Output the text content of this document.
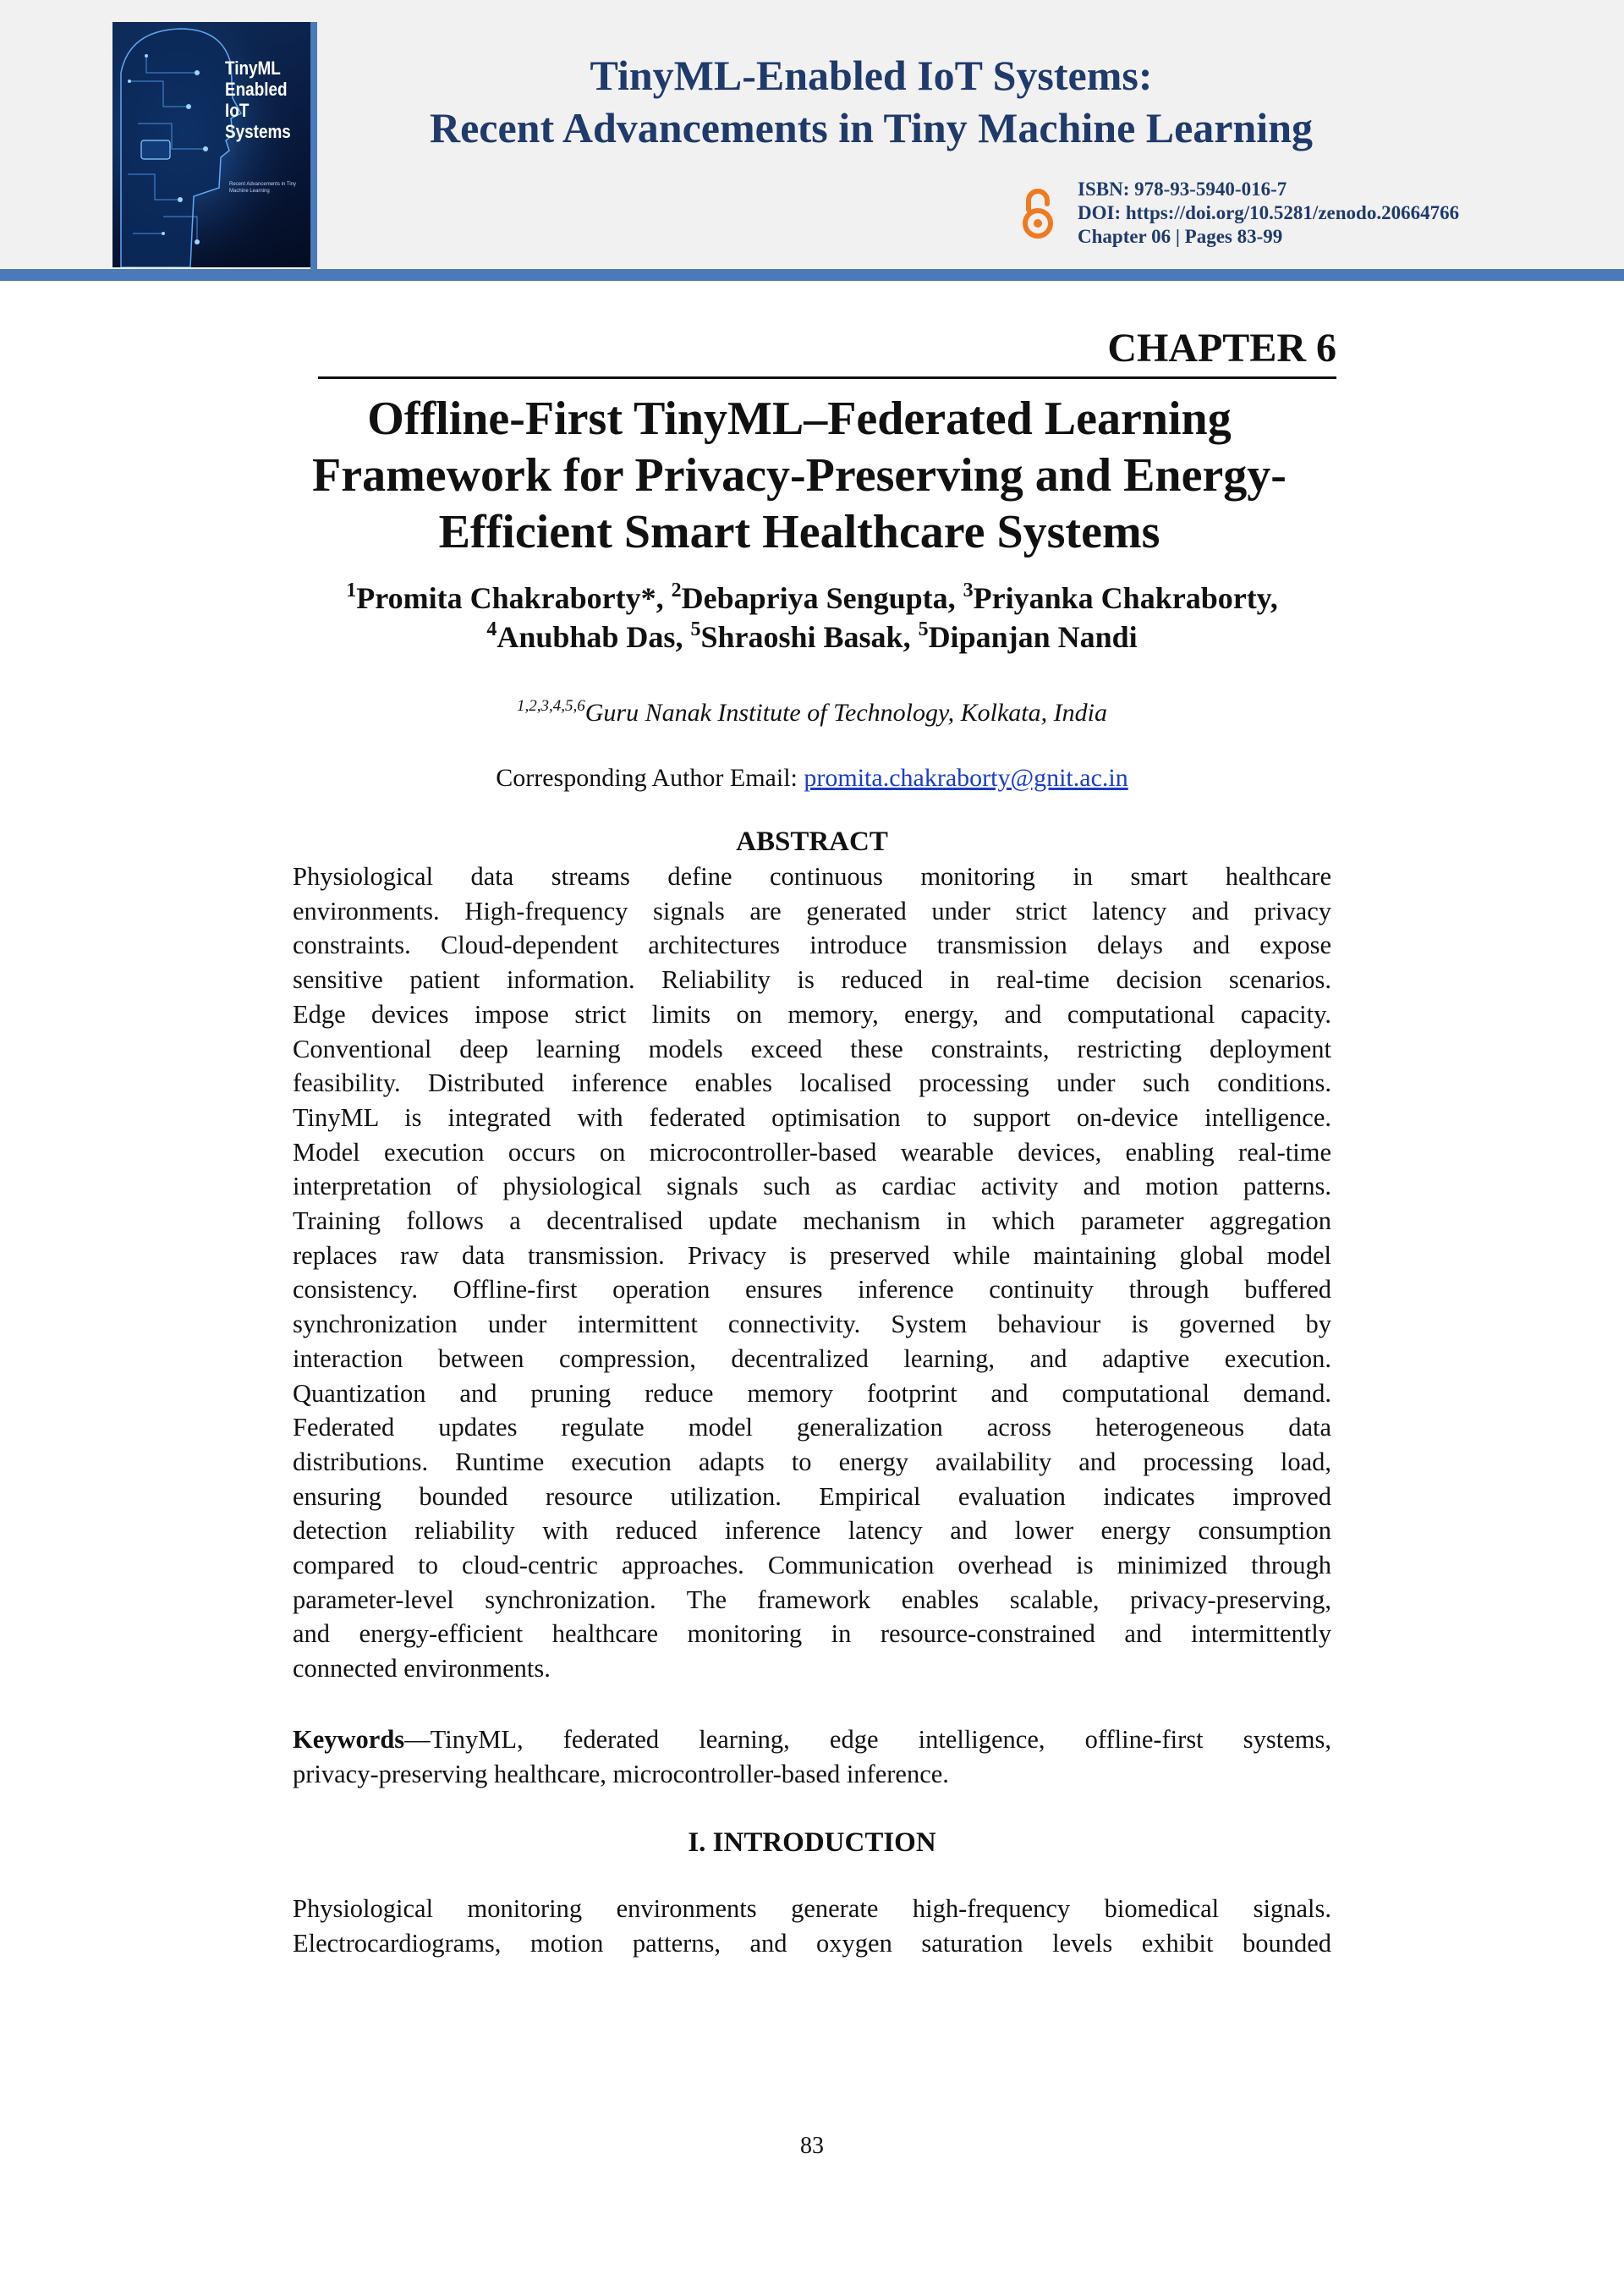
TinyML
Enabled
IoT
Systems
Recent Advancements in Tiny Machine Learning
TinyML-Enabled IoT Systems:
Recent Advancements in Tiny Machine Learning
ISBN: 978-93-5940-016-7
DOI: https://doi.org/10.5281/zenodo.20664766
Chapter 06 | Pages 83-99
CHAPTER 6
Offline-First TinyML–Federated Learning
Framework for Privacy-Preserving and Energy-
Efficient Smart Healthcare Systems
$^1$Promita Chakraborty*, $^2$Debapriya Sengupta, $^3$Priyanka Chakraborty,
$^4$Anubhab Das, $^5$Shraoshi Basak, $^5$Dipanjan Nandi
$^{1,2,3,4,5,6}$Guru Nanak Institute of Technology, Kolkata, India
Corresponding Author Email: promita.chakraborty@gnit.ac.in
ABSTRACT
Physiological data streams define continuous monitoring in smart healthcare
environments. High-frequency signals are generated under strict latency and privacy
constraints. Cloud-dependent architectures introduce transmission delays and expose
sensitive patient information. Reliability is reduced in real-time decision scenarios.
Edge devices impose strict limits on memory, energy, and computational capacity.
Conventional deep learning models exceed these constraints, restricting deployment
feasibility. Distributed inference enables localised processing under such conditions.
TinyML is integrated with federated optimisation to support on-device intelligence.
Model execution occurs on microcontroller-based wearable devices, enabling real-time
interpretation of physiological signals such as cardiac activity and motion patterns.
Training follows a decentralised update mechanism in which parameter aggregation
replaces raw data transmission. Privacy is preserved while maintaining global model
consistency. Offline-first operation ensures inference continuity through buffered
synchronization under intermittent connectivity. System behaviour is governed by
interaction between compression, decentralized learning, and adaptive execution.
Quantization and pruning reduce memory footprint and computational demand.
Federated updates regulate model generalization across heterogeneous data
distributions. Runtime execution adapts to energy availability and processing load,
ensuring bounded resource utilization. Empirical evaluation indicates improved
detection reliability with reduced inference latency and lower energy consumption
compared to cloud-centric approaches. Communication overhead is minimized through
parameter-level synchronization. The framework enables scalable, privacy-preserving,
and energy-efficient healthcare monitoring in resource-constrained and intermittently
connected environments.
Keywords—TinyML, federated learning, edge intelligence, offline-first systems,
privacy-preserving healthcare, microcontroller-based inference.
I. INTRODUCTION
Physiological monitoring environments generate high-frequency biomedical signals.
Electrocardiograms, motion patterns, and oxygen saturation levels exhibit bounded
83
